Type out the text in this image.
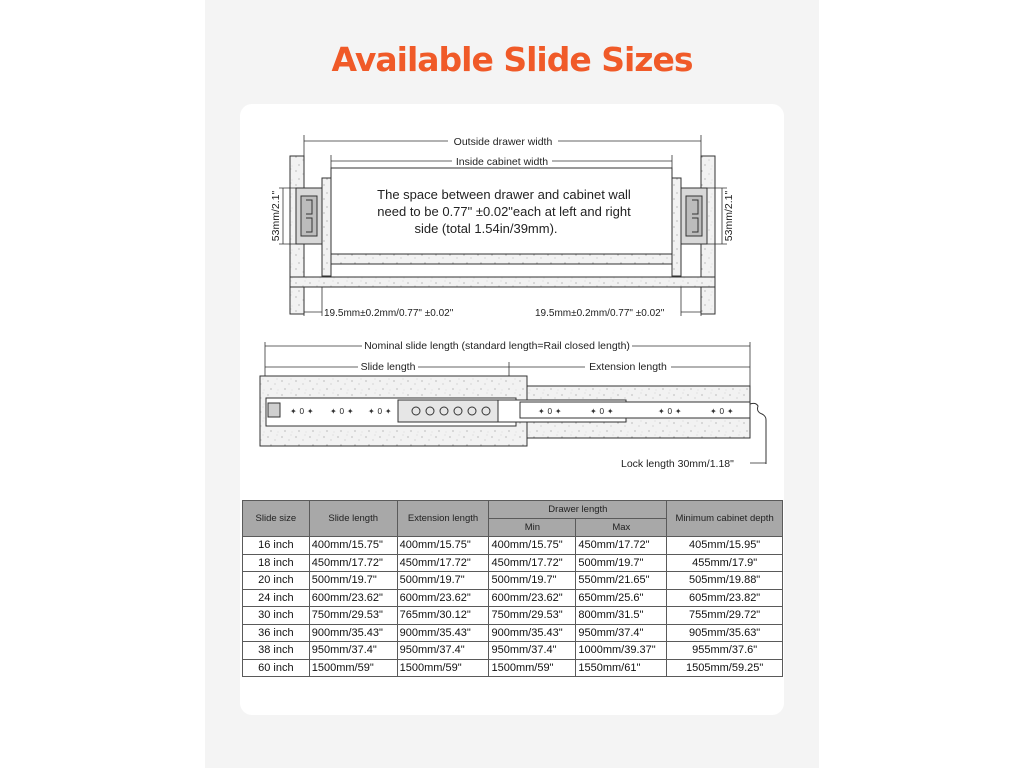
Available Slide Sizes
Outside drawer width
Inside cabinet width
The space between drawer and cabinet wall
need to be 0.77" ±0.02"each at left and right
side (total 1.54in/39mm).
53mm/2.1"	53mm/2.1"
19.5mm±0.2mm/0.77" ±0.02"	19.5mm±0.2mm/0.77" ±0.02"
✦ 0 ✦ ✦ 0 ✦ ✦ 0 ✦	✦ 0 ✦	✦ 0 ✦	✦ 0 ✦	✦ 0 ✦
Nominal slide length (standard length=Rail closed length)
Slide length	Extension length
Lock length 30mm/1.18"
Slide size	Slide length	Extension length	Drawer length		Minimum cabinet depth
			Min	Max	
16 inch	400mm/15.75"	400mm/15.75"	400mm/15.75"	450mm/17.72"	405mm/15.95"
18 inch	450mm/17.72"	450mm/17.72"	450mm/17.72"	500mm/19.7"	455mm/17.9"
20 inch	500mm/19.7"	500mm/19.7"	500mm/19.7"	550mm/21.65"	505mm/19.88"
24 inch	600mm/23.62"	600mm/23.62"	600mm/23.62"	650mm/25.6"	605mm/23.82"
30 inch	750mm/29.53"	765mm/30.12"	750mm/29.53"	800mm/31.5"	755mm/29.72"
36 inch	900mm/35.43"	900mm/35.43"	900mm/35.43"	950mm/37.4"	905mm/35.63"
38 inch	950mm/37.4"	950mm/37.4"	950mm/37.4"	1000mm/39.37"	955mm/37.6"
60 inch	1500mm/59"	1500mm/59"	1500mm/59"	1550mm/61"	1505mm/59.25"
